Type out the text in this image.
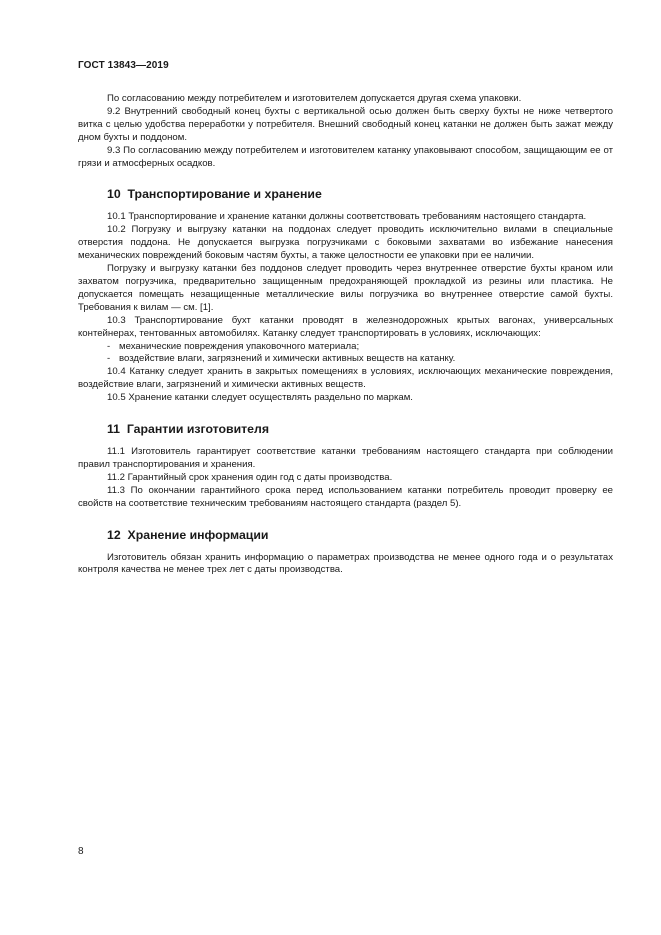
ГОСТ 13843—2019

По согласованию между потребителем и изготовителем допускается другая схема упаковки.

9.2 Внутренний свободный конец бухты с вертикальной осью должен быть сверху бухты не ниже четвертого витка с целью удобства переработки у потребителя. Внешний свободный конец катанки не должен быть зажат между дном бухты и поддоном.

9.3 По согласованию между потребителем и изготовителем катанку упаковывают способом, защищающим ее от грязи и атмосферных осадков.

10  Транспортирование и хранение

10.1 Транспортирование и хранение катанки должны соответствовать требованиям настоящего стандарта.

10.2 Погрузку и выгрузку катанки на поддонах следует проводить исключительно вилами в специальные отверстия поддона. Не допускается выгрузка погрузчиками с боковыми захватами во избежание нанесения механических повреждений боковым частям бухты, а также целостности ее упаковки при ее наличии.

Погрузку и выгрузку катанки без поддонов следует проводить через внутреннее отверстие бухты краном или захватом погрузчика, предварительно защищенным предохраняющей прокладкой из резины или пластика. Не допускается помещать незащищенные металлические вилы погрузчика во внутреннее отверстие самой бухты. Требования к вилам — см. [1].

10.3 Транспортирование бухт катанки проводят в железнодорожных крытых вагонах, универсальных контейнерах, тентованных автомобилях. Катанку следует транспортировать в условиях, исключающих:

- механические повреждения упаковочного материала;

- воздействие влаги, загрязнений и химически активных веществ на катанку.

10.4 Катанку следует хранить в закрытых помещениях в условиях, исключающих механические повреждения, воздействие влаги, загрязнений и химически активных веществ.

10.5 Хранение катанки следует осуществлять раздельно по маркам.

11  Гарантии изготовителя

11.1 Изготовитель гарантирует соответствие катанки требованиям настоящего стандарта при соблюдении правил транспортирования и хранения.

11.2 Гарантийный срок хранения один год с даты производства.

11.3 По окончании гарантийного срока перед использованием катанки потребитель проводит проверку ее свойств на соответствие техническим требованиям настоящего стандарта (раздел 5).

12  Хранение информации

Изготовитель обязан хранить информацию о параметрах производства не менее одного года и о результатах контроля качества не менее трех лет с даты производства.

8
